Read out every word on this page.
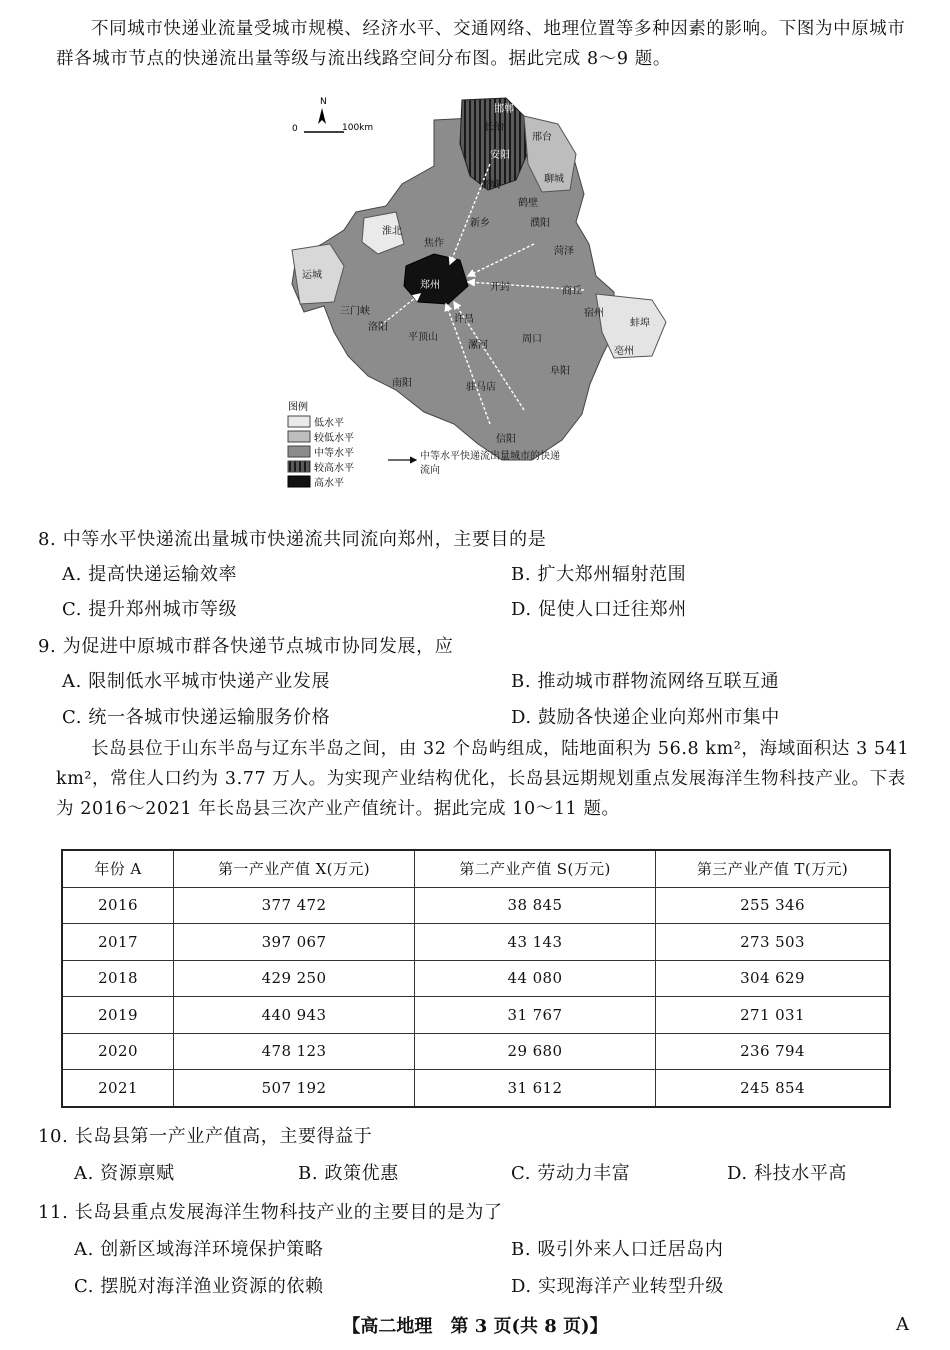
不同城市快递业流量受城市规模、经济水平、交通网络、地理位置等多种因素的影响。下图为中原城市群各城市节点的快递流出量等级与流出线路空间分布图。据此完成 8～9 题。

N
0	100km	长治
晋城
鹤壁
安阳
邯郸
邢台
聊城
濮阳
新乡
焦作
运城
三门峡
洛阳
郑州	开封	商丘
许昌
平顶山
漯河
周口
南阳	驻马店
信阳
亳州
蚌埠
菏泽
宿州
淮北
阜阳
图例
低水平
较低水平
中等水平
较高水平
高水平
中等水平快递流出量城市的快递流向
8. 中等水平快递流出量城市快递流共同流向郑州，主要目的是
A. 提高快递运输效率	B. 扩大郑州辐射范围
C. 提升郑州城市等级	D. 促使人口迁往郑州
9. 为促进中原城市群各快递节点城市协同发展，应
A. 限制低水平城市快递产业发展	B. 推动城市群物流网络互联互通
C. 统一各城市快递运输服务价格	D. 鼓励各快递企业向郑州市集中

长岛县位于山东半岛与辽东半岛之间，由 32 个岛屿组成，陆地面积为 56.8 km²，海域面积达 3 541 km²，常住人口约为 3.77 万人。为实现产业结构优化，长岛县远期规划重点发展海洋生物科技产业。下表为 2016～2021 年长岛县三次产业产值统计。据此完成 10～11 题。

年份 A	第一产业产值 X(万元)	第二产业产值 S(万元)	第三产业产值 T(万元)
2016	377 472	38 845	255 346
2017	397 067	43 143	273 503
2018	429 250	44 080	304 629
2019	440 943	31 767	271 031
2020	478 123	29 680	236 794
2021	507 192	31 612	245 854
10. 长岛县第一产业产值高，主要得益于
A. 资源禀赋	B. 政策优惠	C. 劳动力丰富	D. 科技水平高
11. 长岛县重点发展海洋生物科技产业的主要目的是为了
A. 创新区域海洋环境保护策略	B. 吸引外来人口迁居岛内
C. 摆脱对海洋渔业资源的依赖	D. 实现海洋产业转型升级
【高二地理　第 3 页(共 8 页)】	A
